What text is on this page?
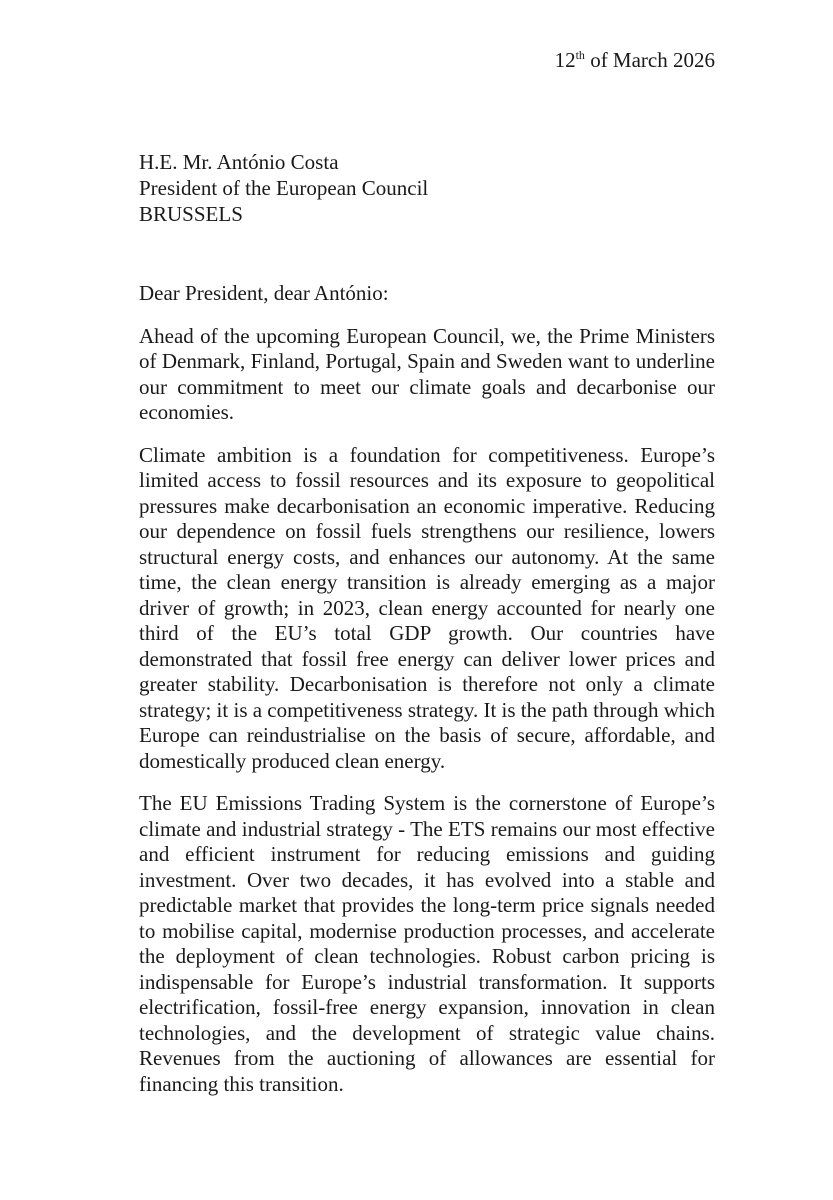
12th of March 2026
H.E. Mr. António Costa
President of the European Council
BRUSSELS

Dear President, dear António:

Ahead of the upcoming European Council, we, the Prime Ministers of Denmark, Finland, Portugal, Spain and Sweden want to underline our commitment to meet our climate goals and decarbonise our economies.

Climate ambition is a foundation for competitiveness. Europe’s limited access to fossil resources and its exposure to geopolitical pressures make decarbonisation an economic imperative. Reducing our dependence on fossil fuels strengthens our resilience, lowers structural energy costs, and enhances our autonomy. At the same time, the clean energy transition is already emerging as a major driver of growth; in 2023, clean energy accounted for nearly one third of the EU’s total GDP growth. Our countries have demonstrated that fossil free energy can deliver lower prices and greater stability. Decarbonisation is therefore not only a climate strategy; it is a competitiveness strategy. It is the path through which Europe can reindustrialise on the basis of secure, affordable, and domestically produced clean energy.

The EU Emissions Trading System is the cornerstone of Europe’s climate and industrial strategy - The ETS remains our most effective and efficient instrument for reducing emissions and guiding investment. Over two decades, it has evolved into a stable and predictable market that provides the long-term price signals needed to mobilise capital, modernise production processes, and accelerate the deployment of clean technologies. Robust carbon pricing is indispensable for Europe’s industrial transformation. It supports electrification, fossil-free energy expansion, innovation in clean technologies, and the development of strategic value chains. Revenues from the auctioning of allowances are essential for financing this transition.
